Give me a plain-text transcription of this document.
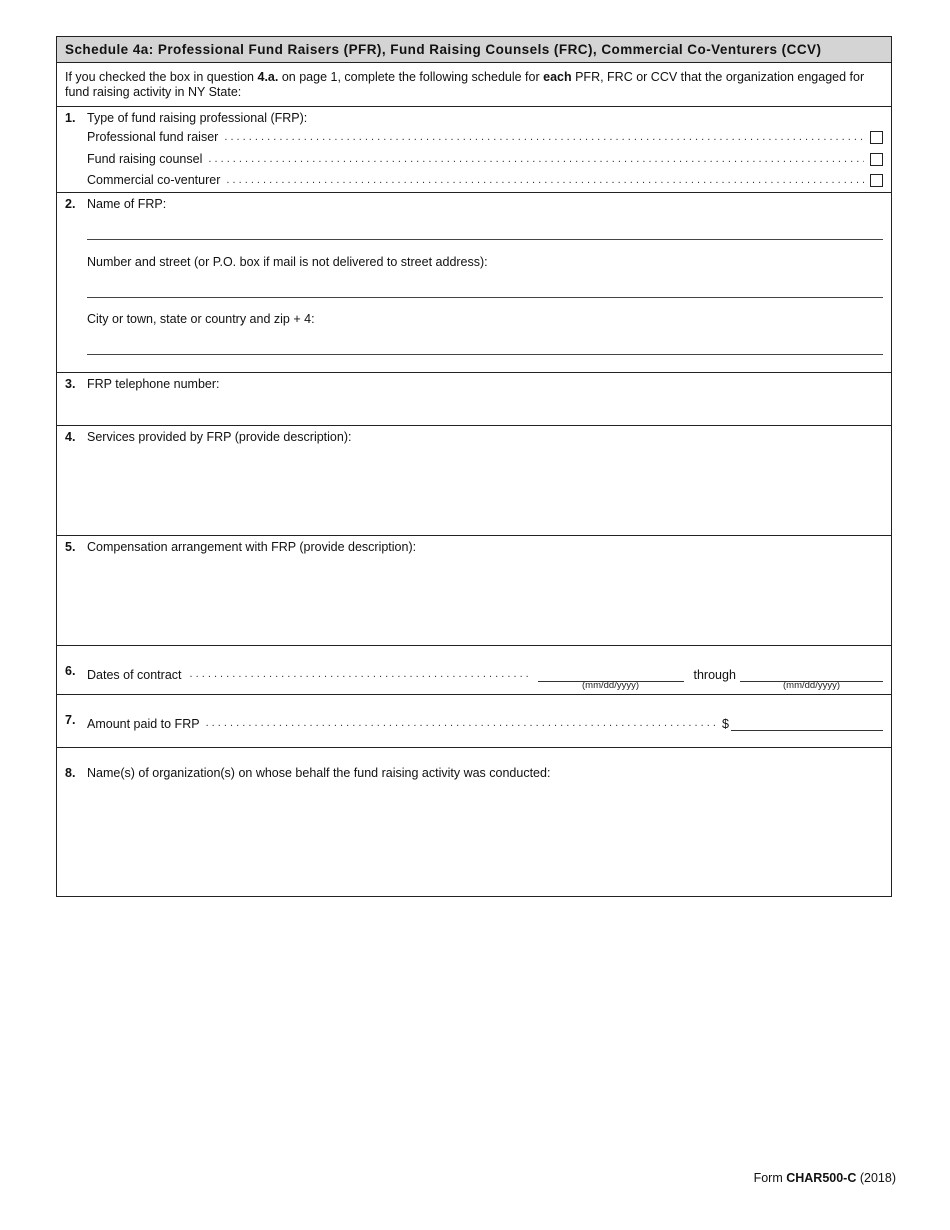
Schedule 4a: Professional Fund Raisers (PFR), Fund Raising Counsels (FRC), Commercial Co-Venturers (CCV)
If you checked the box in question 4.a. on page 1, complete the following schedule for each PFR, FRC or CCV that the organization engaged for fund raising activity in NY State:
1. Type of fund raising professional (FRP):
Professional fund raiser
. . .
Fund raising counsel
. . .
Commercial co-venturer
. . .
2. Name of FRP:
Number and street (or P.O. box if mail is not delivered to street address):
City or town, state or country and zip + 4:
3. FRP telephone number:
4. Services provided by FRP (provide description):
5. Compensation arrangement with FRP (provide description):
6. Dates of contract . . .	through
(mm/dd/yyyy)	(mm/dd/yyyy)
7. Amount paid to FRP . . .	$
8. Name(s) of organization(s) on whose behalf the fund raising activity was conducted:
Form CHAR500-C (2018)
